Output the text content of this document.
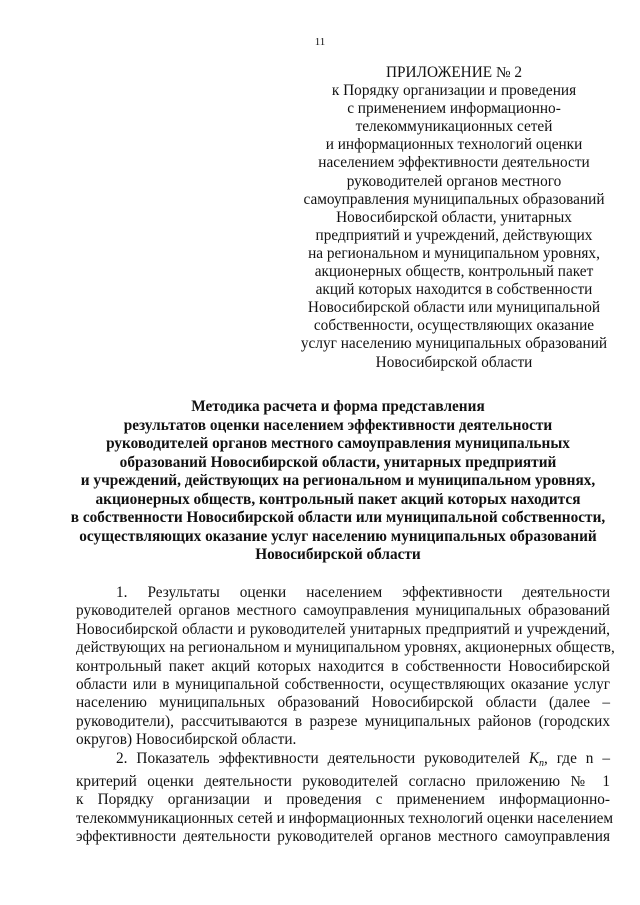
11
ПРИЛОЖЕНИЕ № 2
к Порядку организации и проведения
с применением информационно-
телекоммуникационных сетей
и информационных технологий оценки
населением эффективности деятельности
руководителей органов местного
самоуправления муниципальных образований
Новосибирской области, унитарных
предприятий и учреждений, действующих
на региональном и муниципальном уровнях,
акционерных обществ, контрольный пакет
акций которых находится в собственности
Новосибирской области или муниципальной
собственности, осуществляющих оказание
услуг населению муниципальных образований
Новосибирской области
Методика расчета и форма представления
результатов оценки населением эффективности деятельности
руководителей органов местного самоуправления муниципальных
образований Новосибирской области, унитарных предприятий
и учреждений, действующих на региональном и муниципальном уровнях,
акционерных обществ, контрольный пакет акций которых находится
в собственности Новосибирской области или муниципальной собственности,
осуществляющих оказание услуг населению муниципальных образований
Новосибирской области
1. Результаты оценки населением эффективности деятельности
руководителей органов местного самоуправления муниципальных образований
Новосибирской области и руководителей унитарных предприятий и учреждений,
действующих на региональном и муниципальном уровнях, акционерных обществ,
контрольный пакет акций которых находится в собственности Новосибирской
области или в муниципальной собственности, осуществляющих оказание услуг
населению муниципальных образований Новосибирской области (далее –
руководители), рассчитываются в разрезе муниципальных районов (городских
округов) Новосибирской области.
2. Показатель эффективности деятельности руководителей $K_n$, где n –
критерий оценки деятельности руководителей согласно приложению № 1
к Порядку организации и проведения с применением информационно-
телекоммуникационных сетей и информационных технологий оценки населением
эффективности деятельности руководителей органов местного самоуправления
